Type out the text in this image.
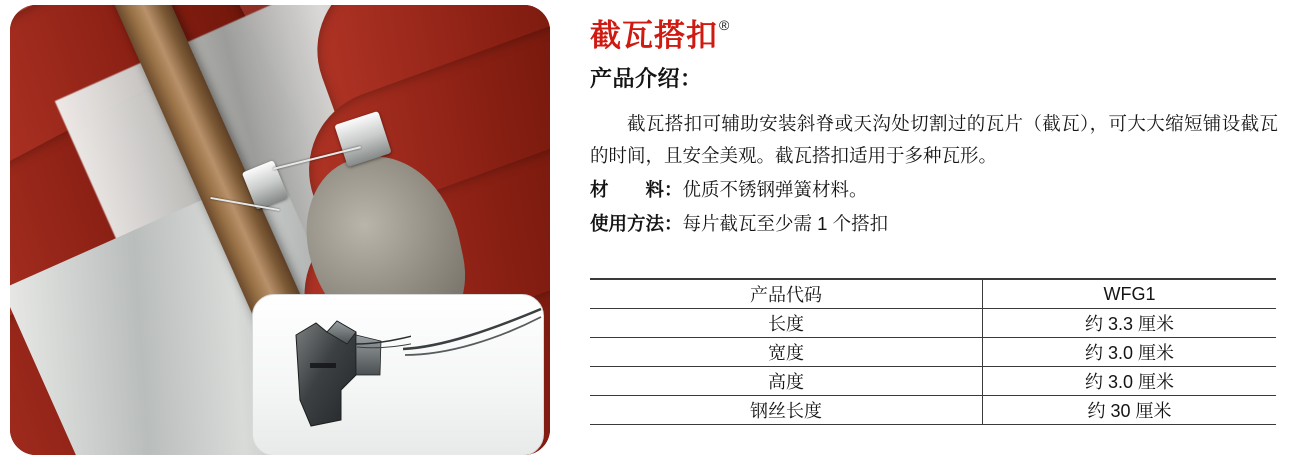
截瓦搭扣®
产品介绍：
截瓦搭扣可辅助安装斜脊或天沟处切割过的瓦片（截瓦），可大大缩短铺设截瓦的时间，且安全美观。截瓦搭扣适用于多种瓦形。
材　　料：优质不锈钢弹簧材料。
使用方法：每片截瓦至少需 1 个搭扣
产品代码	WFG1
长度	约 3.3 厘米
宽度	约 3.0 厘米
高度	约 3.0 厘米
钢丝长度	约 30 厘米
